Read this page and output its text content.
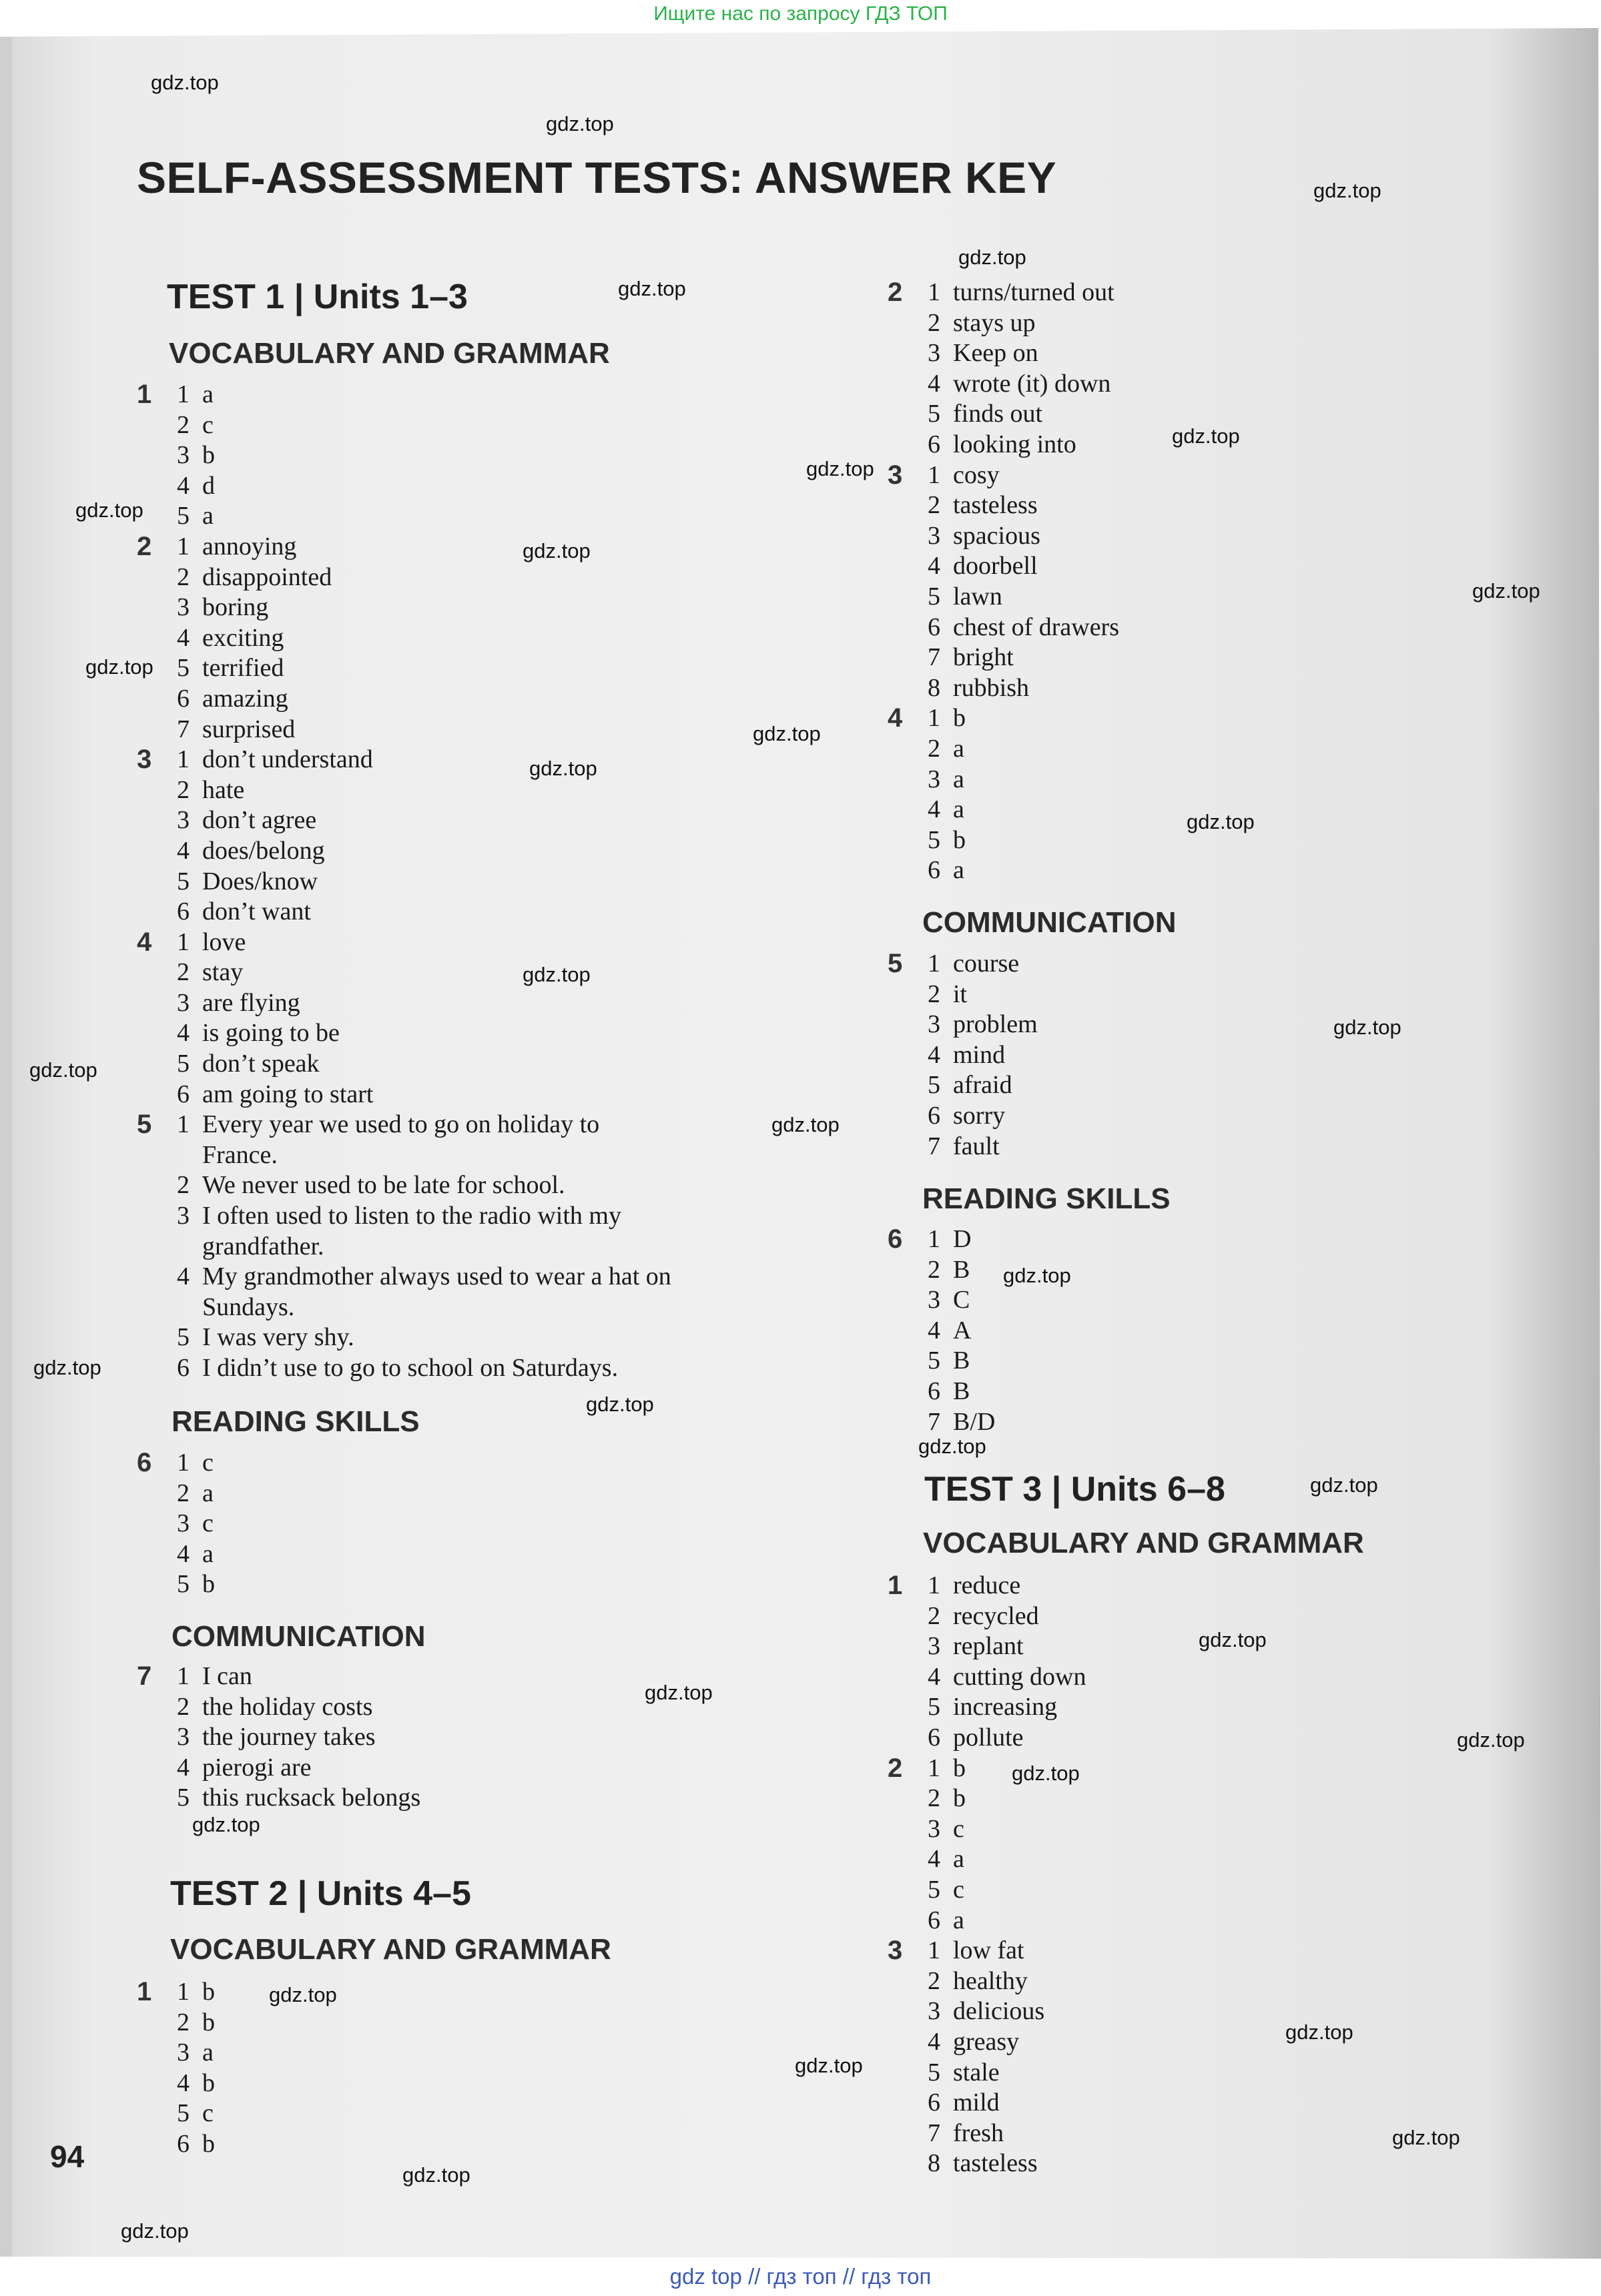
Ищите нас по запросу ГДЗ ТОП
gdz.top
gdz.top
gdz.top
gdz.top
gdz.top
gdz.top
gdz.top
gdz.top
gdz.top
gdz.top
gdz.top
gdz.top
gdz.top
gdz.top
gdz.top
gdz.top
gdz.top
gdz.top
gdz.top
gdz.top
gdz.top
gdz.top
gdz.top
gdz.top
gdz.top
gdz.top
gdz.top
gdz.top
gdz.top
gdz.top
gdz.top
gdz.top
gdz.top
gdz.top
SELF-ASSESSMENT TESTS: ANSWER KEY
TEST 1 | Units 1–3
VOCABULARY AND GRAMMAR
1 1 a
2 c
3 b
4 d
5 a
2 1 annoying
2 disappointed
3 boring
4 exciting
5 terrified
6 amazing
7 surprised
3 1 don’t understand
2 hate
3 don’t agree
4 does/belong
5 Does/know
6 don’t want
4 1 love
2 stay
3 are flying
4 is going to be
5 don’t speak
6 am going to start
5 1 Every year we used to go on holiday to
France.
2 We never used to be late for school.
3 I often used to listen to the radio with my
grandfather.
4 My grandmother always used to wear a hat on
Sundays.
5 I was very shy.
6 I didn’t use to go to school on Saturdays.
READING SKILLS
6 1 c
2 a
3 c
4 a
5 b
COMMUNICATION
7 1 I can
2 the holiday costs
3 the journey takes
4 pierogi are
5 this rucksack belongs
TEST 2 | Units 4–5
VOCABULARY AND GRAMMAR
1 1 b
2 b
3 a
4 b
5 c
6 b
2 1 turns/turned out
2 stays up
3 Keep on
4 wrote (it) down
5 finds out
6 looking into
3 1 cosy
2 tasteless
3 spacious
4 doorbell
5 lawn
6 chest of drawers
7 bright
8 rubbish
4 1 b
2 a
3 a
4 a
5 b
6 a
COMMUNICATION
5 1 course
2 it
3 problem
4 mind
5 afraid
6 sorry
7 fault
READING SKILLS
6 1 D
2 B
3 C
4 A
5 B
6 B
7 B/D
TEST 3 | Units 6–8
VOCABULARY AND GRAMMAR
1 1 reduce
2 recycled
3 replant
4 cutting down
5 increasing
6 pollute
2 1 b
2 b
3 c
4 a
5 c
6 a
3 1 low fat
2 healthy
3 delicious
4 greasy
5 stale
6 mild
7 fresh
8 tasteless
94
gdz top // гдз топ // гдз топ
